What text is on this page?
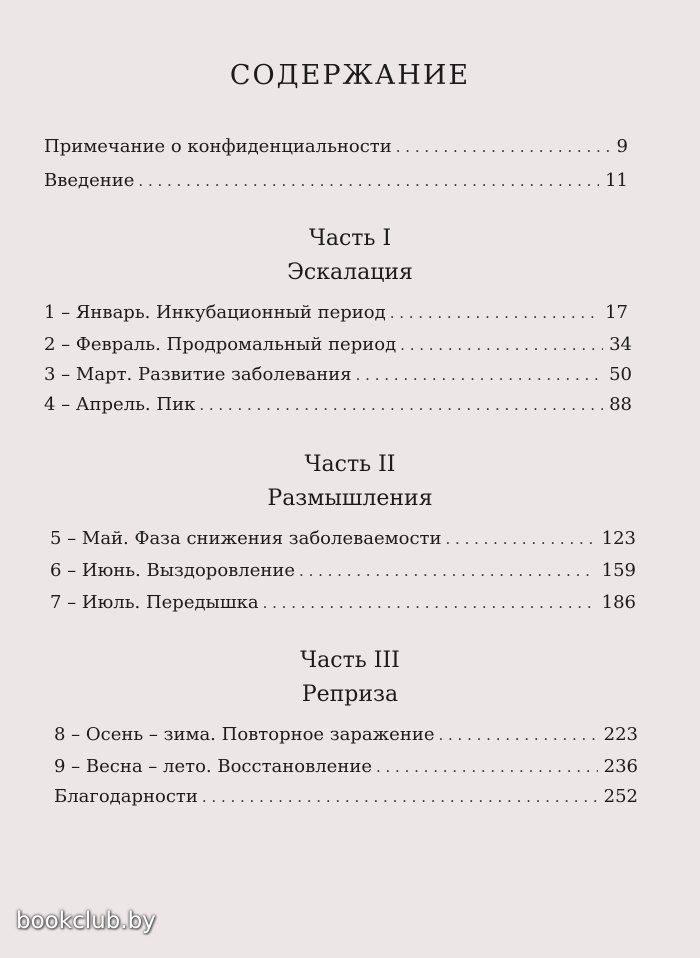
СОДЕРЖАНИЕ
Примечание о конфиденциальности . . .	9
Введение . . .	11
Часть I
Эскалация
1 – Январь. Инкубационный период . . .	17
2 – Февраль. Продромальный период . . .	34
3 – Март. Развитие заболевания . . .	50
4 – Апрель. Пик . . .	88
Часть II
Размышления
5 – Май. Фаза снижения заболеваемости . . .	123
6 – Июнь. Выздоровление . . .	159
7 – Июль. Передышка . . .	186
Часть III
Реприза
8 – Осень – зима. Повторное заражение . . .	223
9 – Весна – лето. Восстановление . . .	236
Благодарности . . .	252
bookclub.by
